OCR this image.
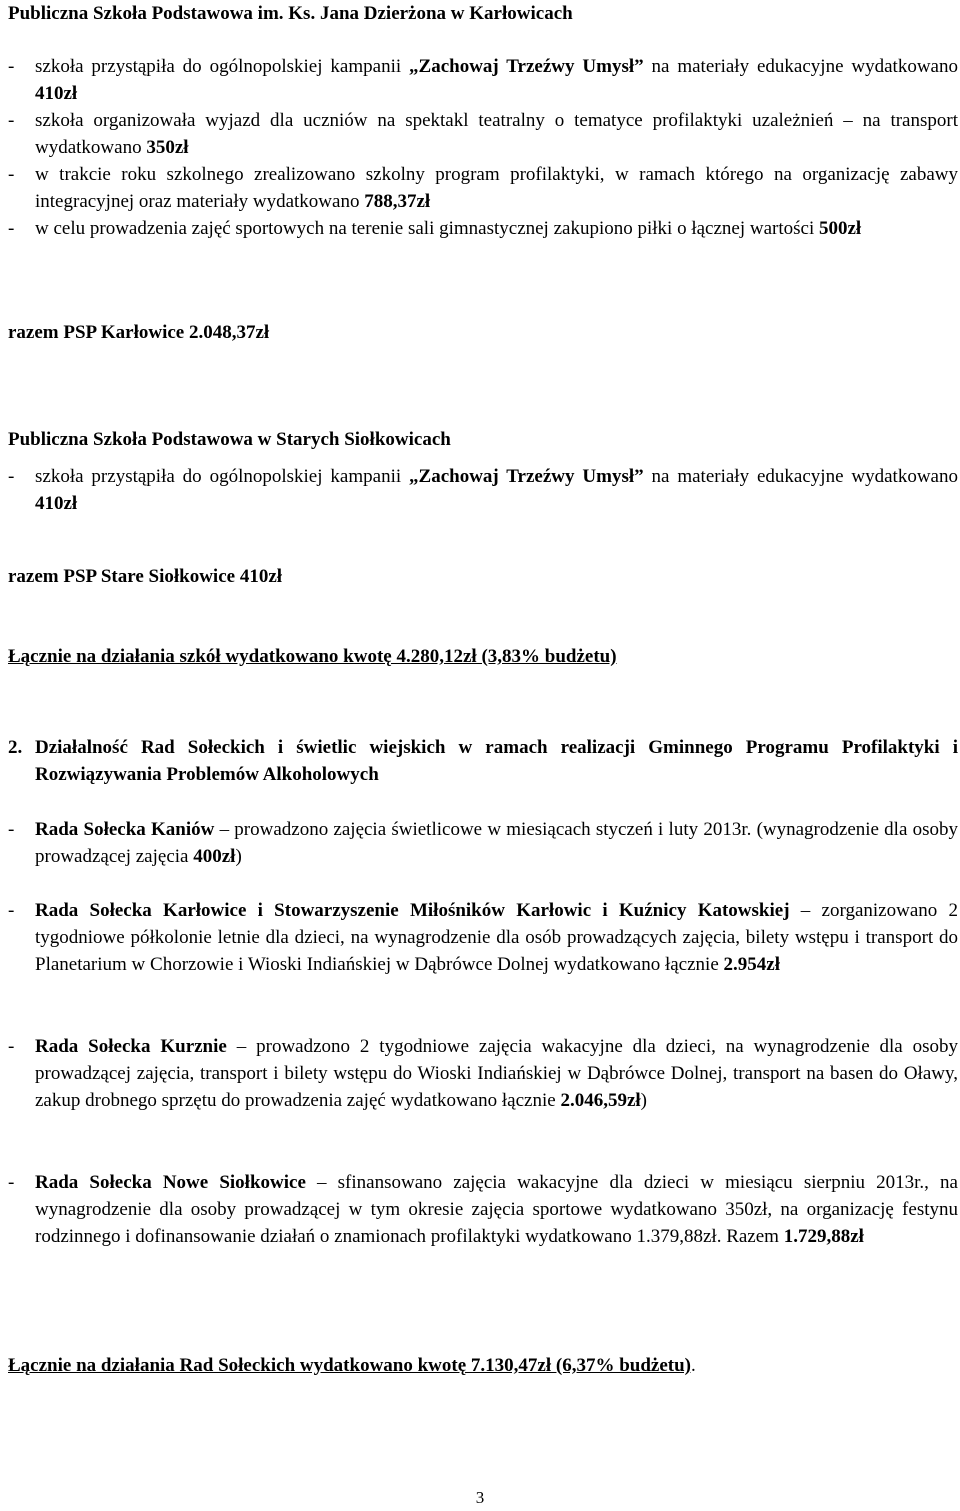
Publiczna Szkoła Podstawowa im. Ks. Jana Dzierżona w Karłowicach

-	szkoła przystąpiła do ogólnopolskiej kampanii „Zachowaj Trzeźwy Umysł” na materiały edukacyjne wydatkowano 410zł
-	szkoła organizowała wyjazd dla uczniów na spektakl teatralny o tematyce profilaktyki uzależnień – na transport wydatkowano 350zł
-	w trakcie roku szkolnego zrealizowano szkolny program profilaktyki, w ramach którego na organizację zabawy integracyjnej oraz materiały wydatkowano 788,37zł
-	w celu prowadzenia zajęć sportowych na terenie sali gimnastycznej zakupiono piłki o łącznej wartości 500zł

razem PSP Karłowice 2.048,37zł

Publiczna Szkoła Podstawowa w Starych Siołkowicach

-	szkoła przystąpiła do ogólnopolskiej kampanii „Zachowaj Trzeźwy Umysł” na materiały edukacyjne wydatkowano 410zł

razem PSP Stare Siołkowice 410zł

Łącznie na działania szkół wydatkowano kwotę 4.280,12zł (3,83% budżetu)

2. Działalność Rad Sołeckich i świetlic wiejskich w ramach realizacji Gminnego Programu Profilaktyki i Rozwiązywania Problemów Alkoholowych
-	Rada Sołecka Kaniów – prowadzono zajęcia świetlicowe w miesiącach styczeń i luty 2013r. (wynagrodzenie dla osoby prowadzącej zajęcia 400zł)
-	Rada Sołecka Karłowice i Stowarzyszenie Miłośników Karłowic i Kuźnicy Katowskiej – zorganizowano 2 tygodniowe półkolonie letnie dla dzieci, na wynagrodzenie dla osób prowadzących zajęcia, bilety wstępu i transport do Planetarium w Chorzowie i Wioski Indiańskiej w Dąbrówce Dolnej wydatkowano łącznie 2.954zł
-	Rada Sołecka Kurznie – prowadzono 2 tygodniowe zajęcia wakacyjne dla dzieci, na wynagrodzenie dla osoby prowadzącej zajęcia, transport i bilety wstępu do Wioski Indiańskiej w Dąbrówce Dolnej, transport na basen do Oławy, zakup drobnego sprzętu do prowadzenia zajęć wydatkowano łącznie 2.046,59zł)
-	Rada Sołecka Nowe Siołkowice – sfinansowano zajęcia wakacyjne dla dzieci w miesiącu sierpniu 2013r., na wynagrodzenie dla osoby prowadzącej w tym okresie zajęcia sportowe wydatkowano 350zł, na organizację festynu rodzinnego i dofinansowanie działań o znamionach profilaktyki wydatkowano 1.379,88zł. Razem 1.729,88zł

Łącznie na działania Rad Sołeckich wydatkowano kwotę 7.130,47zł (6,37% budżetu).

3
